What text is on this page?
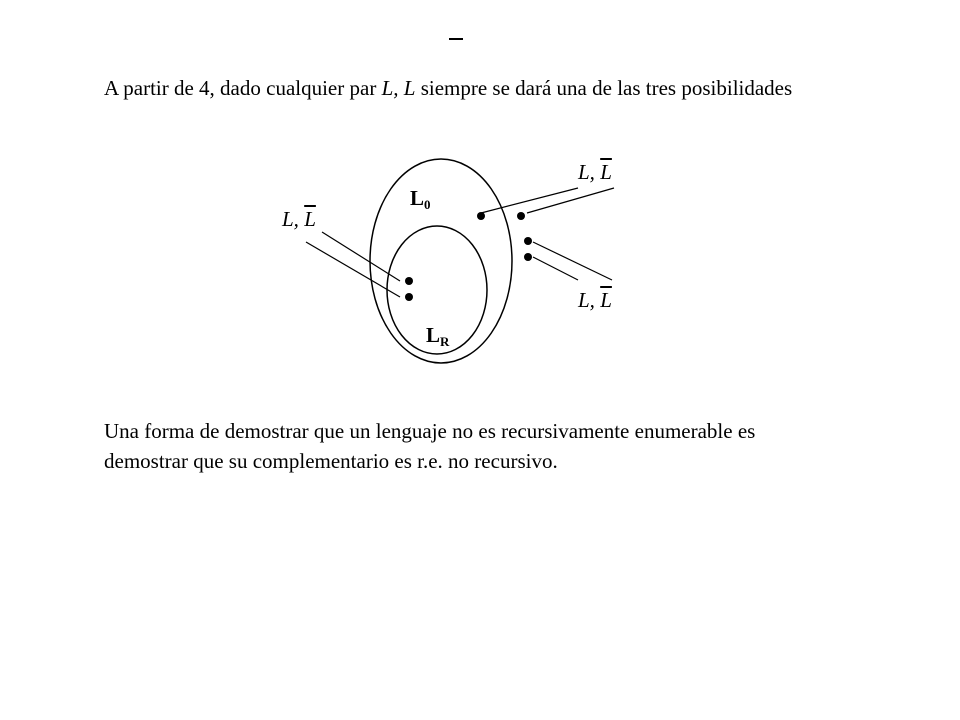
A partir de 4, dado cualquier par L, L siempre se dará una de las tres posibilidades
$L_0$
$L_R$
L, $\overline{L}$
L, $\overline{L}$
L, $\overline{L}$
Una forma de demostrar que un lenguaje no es recursivamente enumerable es
demostrar que su complementario es r.e. no recursivo.
